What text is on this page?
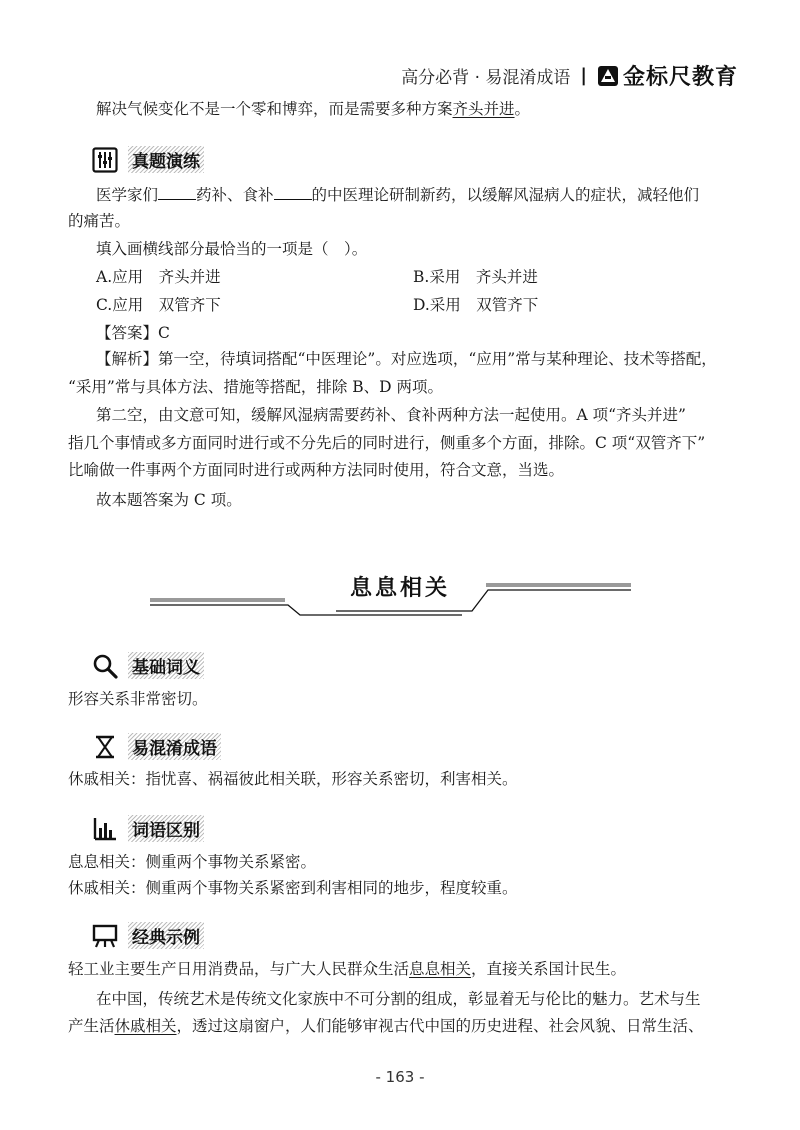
高分必背 · 易混淆成语 | 金标尺教育
解决气候变化不是一个零和博弈，而是需要多种方案齐头并进。
真题演练
医学家们 药补、食补 的中医理论研制新药，以缓解风湿病人的症状，减轻他们
的痛苦。
填入画横线部分最恰当的一项是（　）。
A.应用　齐头并进	B.采用　齐头并进
C.应用　双管齐下	D.采用　双管齐下
【答案】C
【解析】第一空，待填词搭配“中医理论”。对应选项，“应用”常与某种理论、技术等搭配，
“采用”常与具体方法、措施等搭配，排除 B、D 两项。
第二空，由文意可知，缓解风湿病需要药补、食补两种方法一起使用。A 项“齐头并进”
指几个事情或多方面同时进行或不分先后的同时进行，侧重多个方面，排除。C 项“双管齐下”
比喻做一件事两个方面同时进行或两种方法同时使用，符合文意，当选。
故本题答案为 C 项。
息息相关
基础词义
形容关系非常密切。
易混淆成语
休戚相关：指忧喜、祸福彼此相关联，形容关系密切，利害相关。
词语区别
息息相关：侧重两个事物关系紧密。
休戚相关：侧重两个事物关系紧密到利害相同的地步，程度较重。
经典示例
轻工业主要生产日用消费品，与广大人民群众生活息息相关，直接关系国计民生。
在中国，传统艺术是传统文化家族中不可分割的组成，彰显着无与伦比的魅力。艺术与生
产生活休戚相关，透过这扇窗户，人们能够审视古代中国的历史进程、社会风貌、日常生活、
- 163 -
